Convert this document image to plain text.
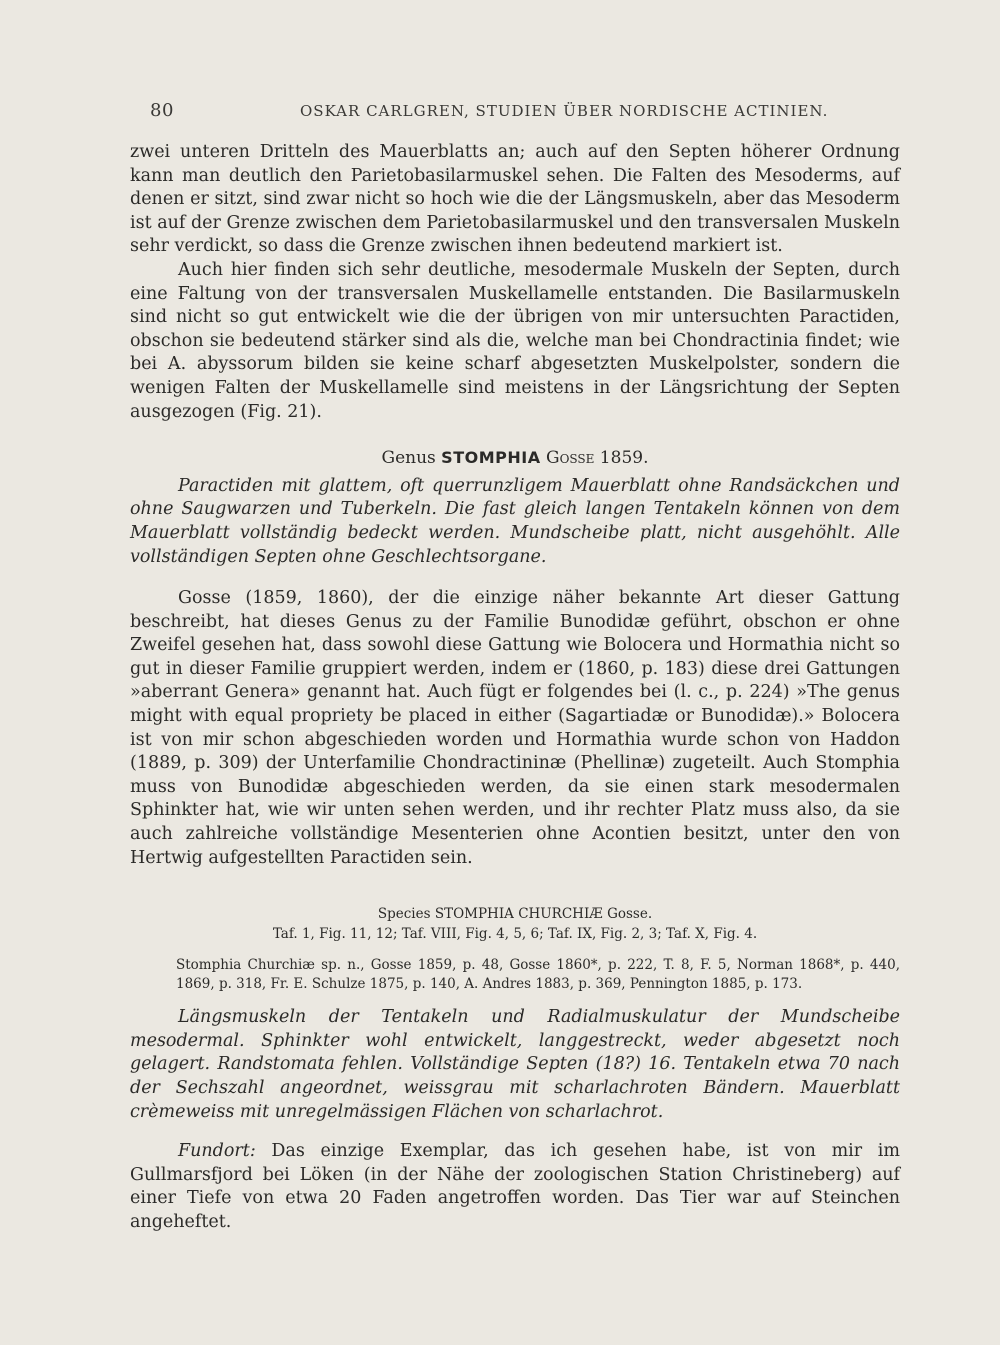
80	OSKAR CARLGREN, STUDIEN ÜBER NORDISCHE ACTINIEN.

zwei unteren Dritteln des Mauerblatts an; auch auf den Septen höherer Ordnung kann man deutlich den Parietobasilarmuskel sehen. Die Falten des Mesoderms, auf denen er sitzt, sind zwar nicht so hoch wie die der Längsmuskeln, aber das Mesoderm ist auf der Grenze zwischen dem Parietobasilarmuskel und den transversalen Muskeln sehr verdickt, so dass die Grenze zwischen ihnen bedeutend markiert ist.

Auch hier finden sich sehr deutliche, mesodermale Muskeln der Septen, durch eine Faltung von der transversalen Muskellamelle entstanden. Die Basilarmuskeln sind nicht so gut entwickelt wie die der übrigen von mir untersuchten Paractiden, obschon sie bedeutend stärker sind als die, welche man bei Chondractinia findet; wie bei A. abyssorum bilden sie keine scharf abgesetzten Muskelpolster, sondern die wenigen Falten der Muskellamelle sind meistens in der Längsrichtung der Septen ausgezogen (Fig. 21).

Genus STOMPHIA Gosse 1859.

Paractiden mit glattem, oft querrunzligem Mauerblatt ohne Randsäckchen und ohne Saugwarzen und Tuberkeln. Die fast gleich langen Tentakeln können von dem Mauerblatt vollständig bedeckt werden. Mundscheibe platt, nicht ausgehöhlt. Alle vollständigen Septen ohne Geschlechtsorgane.

Gosse (1859, 1860), der die einzige näher bekannte Art dieser Gattung beschreibt, hat dieses Genus zu der Familie Bunodidæ geführt, obschon er ohne Zweifel gesehen hat, dass sowohl diese Gattung wie Bolocera und Hormathia nicht so gut in dieser Familie gruppiert werden, indem er (1860, p. 183) diese drei Gattungen »aberrant Genera» genannt hat. Auch fügt er folgendes bei (l. c., p. 224) »The genus might with equal propriety be placed in either (Sagartiadæ or Bunodidæ).» Bolocera ist von mir schon abgeschieden worden und Hormathia wurde schon von Haddon (1889, p. 309) der Unterfamilie Chondractininæ (Phellinæ) zugeteilt. Auch Stomphia muss von Bunodidæ abgeschieden werden, da sie einen stark mesodermalen Sphinkter hat, wie wir unten sehen werden, und ihr rechter Platz muss also, da sie auch zahlreiche vollständige Mesenterien ohne Acontien besitzt, unter den von Hertwig aufgestellten Paractiden sein.

Species STOMPHIA CHURCHIÆ Gosse.

Taf. 1, Fig. 11, 12; Taf. VIII, Fig. 4, 5, 6; Taf. IX, Fig. 2, 3; Taf. X, Fig. 4.

Stomphia Churchiæ sp. n., Gosse 1859, p. 48, Gosse 1860*, p. 222, T. 8, F. 5, Norman 1868*, p. 440, 1869, p. 318, Fr. E. Schulze 1875, p. 140, A. Andres 1883, p. 369, Pennington 1885, p. 173.

Längsmuskeln der Tentakeln und Radialmuskulatur der Mundscheibe mesodermal. Sphinkter wohl entwickelt, langgestreckt, weder abgesetzt noch gelagert. Randstomata fehlen. Vollständige Septen (18?) 16. Tentakeln etwa 70 nach der Sechszahl angeordnet, weissgrau mit scharlachroten Bändern. Mauerblatt crèmeweiss mit unregelmässigen Flächen von scharlachrot.

Fundort: Das einzige Exemplar, das ich gesehen habe, ist von mir im Gullmarsfjord bei Löken (in der Nähe der zoologischen Station Christineberg) auf einer Tiefe von etwa 20 Faden angetroffen worden. Das Tier war auf Steinchen angeheftet.
